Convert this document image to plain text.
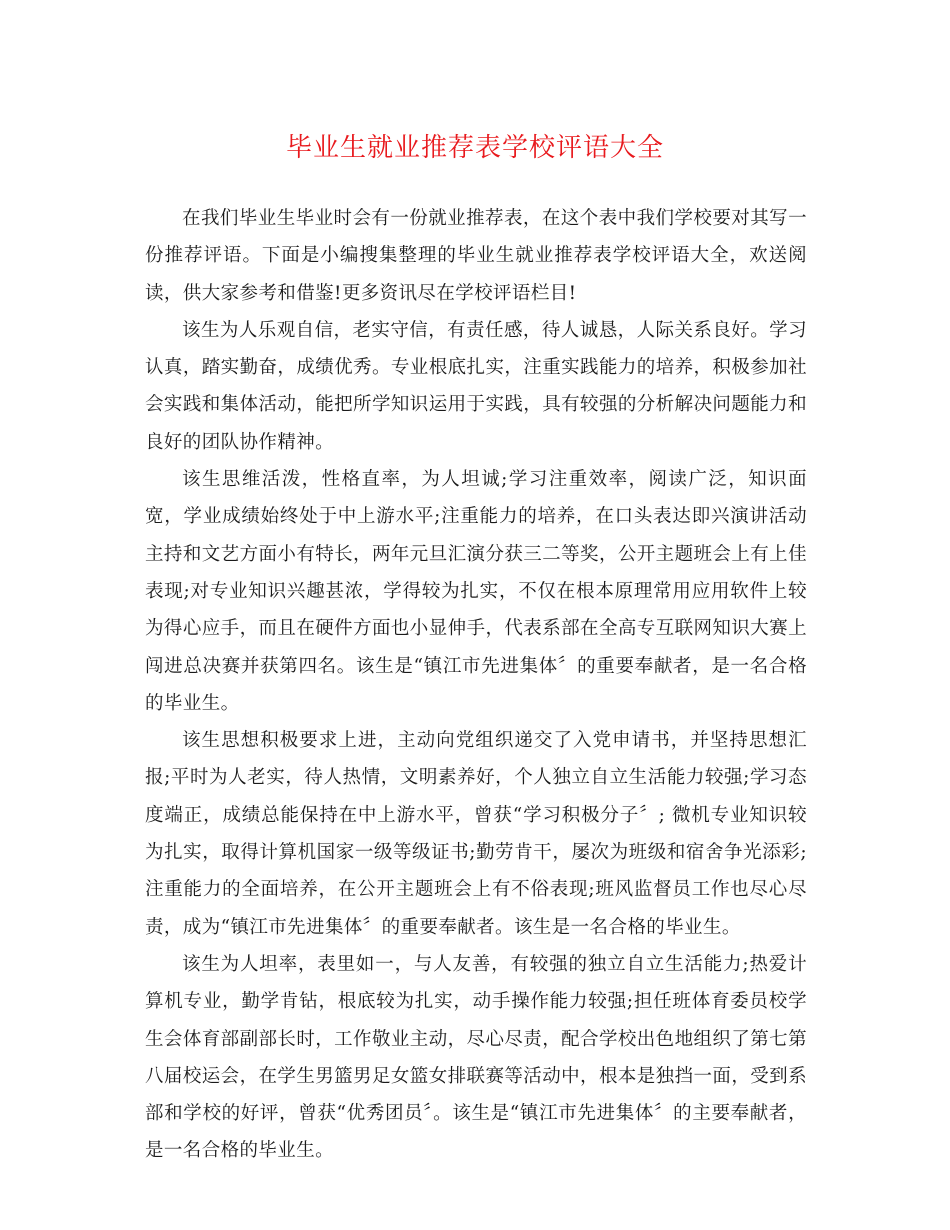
毕业生就业推荐表学校评语大全

在我们毕业生毕业时会有一份就业推荐表，在这个表中我们学校要对其写一份推荐评语。下面是小编搜集整理的毕业生就业推荐表学校评语大全，欢送阅读，供大家参考和借鉴!更多资讯尽在学校评语栏目!

该生为人乐观自信，老实守信，有责任感，待人诚恳，人际关系良好。学习认真，踏实勤奋，成绩优秀。专业根底扎实，注重实践能力的培养，积极参加社会实践和集体活动，能把所学知识运用于实践，具有较强的分析解决问题能力和良好的团队协作精神。

该生思维活泼，性格直率，为人坦诚;学习注重效率，阅读广泛，知识面宽，学业成绩始终处于中上游水平;注重能力的培养，在口头表达即兴演讲活动主持和文艺方面小有特长，两年元旦汇演分获三二等奖，公开主题班会上有上佳表现;对专业知识兴趣甚浓，学得较为扎实，不仅在根本原理常用应用软件上较为得心应手，而且在硬件方面也小显伸手，代表系部在全高专互联网知识大赛上闯进总决赛并获第四名。该生是“镇江市先进集体〞的重要奉献者，是一名合格的毕业生。

该生思想积极要求上进，主动向党组织递交了入党申请书，并坚持思想汇报;平时为人老实，待人热情，文明素养好，个人独立自立生活能力较强;学习态度端正，成绩总能保持在中上游水平，曾获“学习积极分子〞; 微机专业知识较为扎实，取得计算机国家一级等级证书;勤劳肯干，屡次为班级和宿舍争光添彩;注重能力的全面培养，在公开主题班会上有不俗表现;班风监督员工作也尽心尽责，成为“镇江市先进集体〞的重要奉献者。该生是一名合格的毕业生。

该生为人坦率，表里如一，与人友善，有较强的独立自立生活能力;热爱计算机专业，勤学肯钻，根底较为扎实，动手操作能力较强;担任班体育委员校学生会体育部副部长时，工作敬业主动，尽心尽责，配合学校出色地组织了第七第八届校运会，在学生男篮男足女篮女排联赛等活动中，根本是独挡一面，受到系部和学校的好评，曾获“优秀团员〞。该生是“镇江市先进集体〞的主要奉献者，是一名合格的毕业生。
